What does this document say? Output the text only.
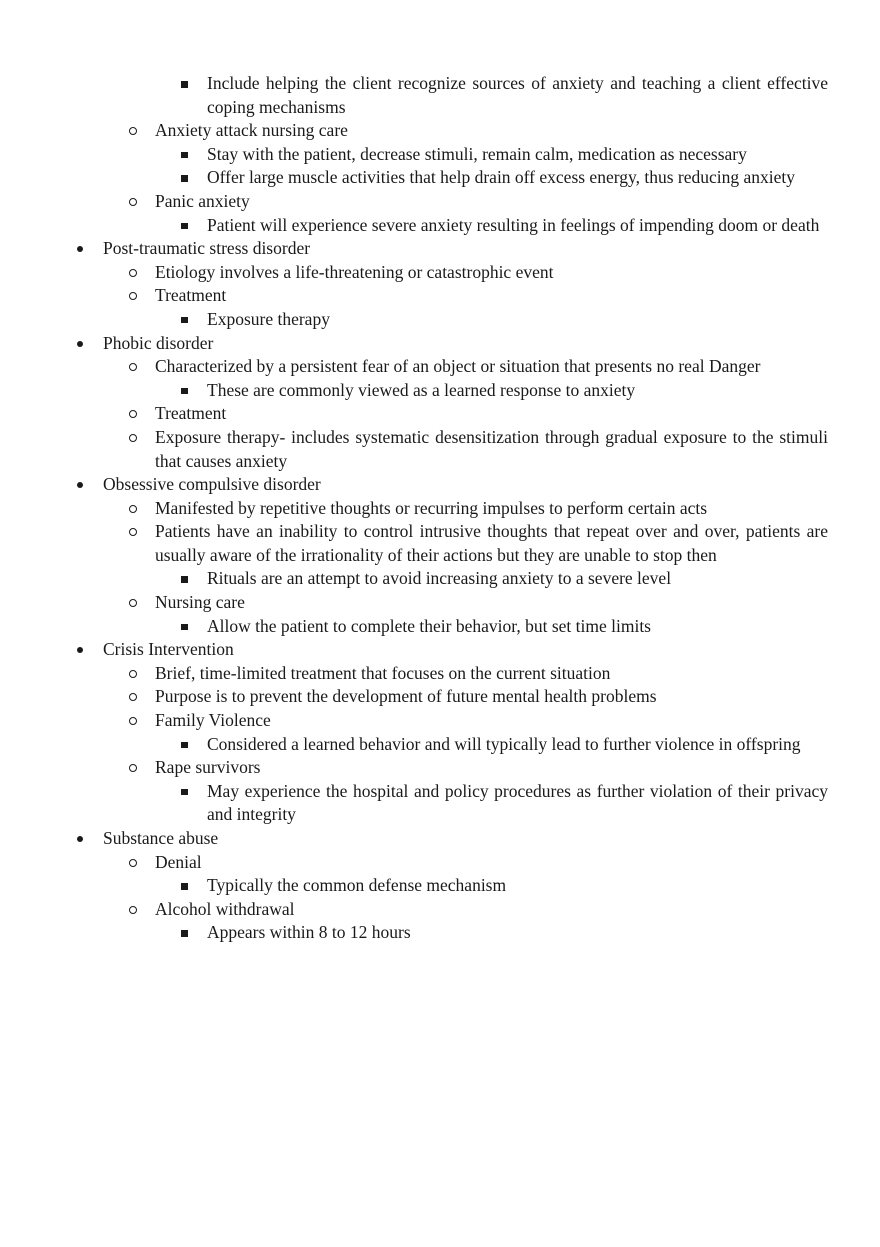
Include helping the client recognize sources of anxiety and teaching a client effective coping mechanisms
Anxiety attack nursing care
Stay with the patient, decrease stimuli, remain calm, medication as necessary
Offer large muscle activities that help drain off excess energy, thus reducing anxiety
Panic anxiety
Patient will experience severe anxiety resulting in feelings of impending doom or death
Post-traumatic stress disorder
Etiology involves a life-threatening or catastrophic event
Treatment
Exposure therapy
Phobic disorder
Characterized by a persistent fear of an object or situation that presents no real Danger
These are commonly viewed as a learned response to anxiety
Treatment
Exposure therapy- includes systematic desensitization through gradual exposure to the stimuli that causes anxiety
Obsessive compulsive disorder
Manifested by repetitive thoughts or recurring impulses to perform certain acts
Patients have an inability to control intrusive thoughts that repeat over and over, patients are usually aware of the irrationality of their actions but they are unable to stop then
Rituals are an attempt to avoid increasing anxiety to a severe level
Nursing care
Allow the patient to complete their behavior, but set time limits
Crisis Intervention
Brief, time-limited treatment that focuses on the current situation
Purpose is to prevent the development of future mental health problems
Family Violence
Considered a learned behavior and will typically lead to further violence in offspring
Rape survivors
May experience the hospital and policy procedures as further violation of their privacy and integrity
Substance abuse
Denial
Typically the common defense mechanism
Alcohol withdrawal
Appears within 8 to 12 hours
